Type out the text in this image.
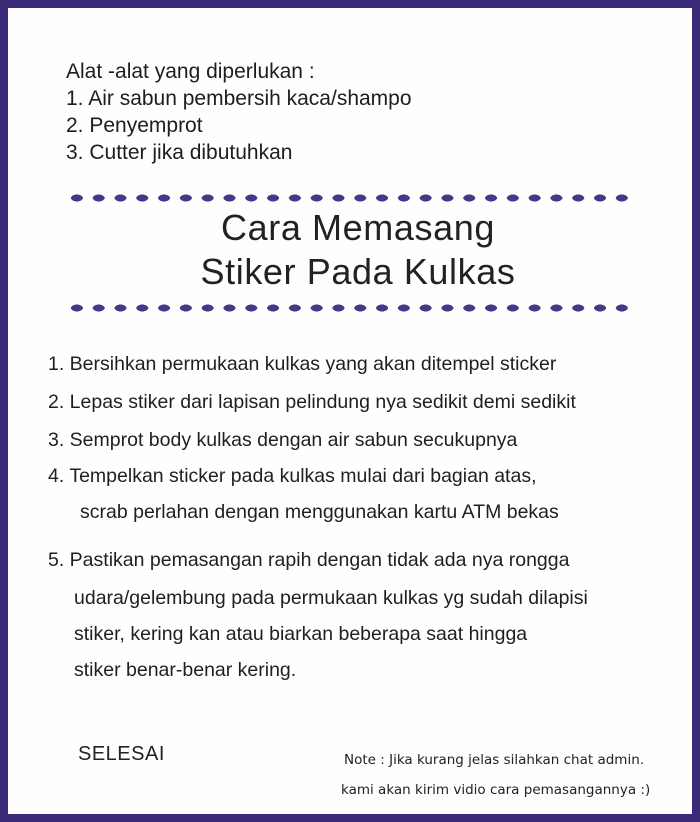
Alat -alat yang diperlukan :
1. Air sabun pembersih kaca/shampo
2. Penyemprot
3. Cutter jika dibutuhkan
Cara Memasang
Stiker Pada Kulkas
1. Bersihkan permukaan kulkas yang akan ditempel sticker
2. Lepas stiker dari lapisan pelindung nya sedikit demi sedikit
3. Semprot body kulkas dengan air sabun secukupnya
4. Tempelkan sticker pada kulkas mulai dari bagian atas,
scrab perlahan dengan menggunakan kartu ATM bekas
5. Pastikan pemasangan rapih dengan tidak ada nya rongga
udara/gelembung pada permukaan kulkas yg sudah dilapisi
stiker, kering kan atau biarkan beberapa saat hingga
stiker benar-benar kering.
SELESAI	Note : Jika kurang jelas silahkan chat admin.
kami akan kirim vidio cara pemasangannya :)
